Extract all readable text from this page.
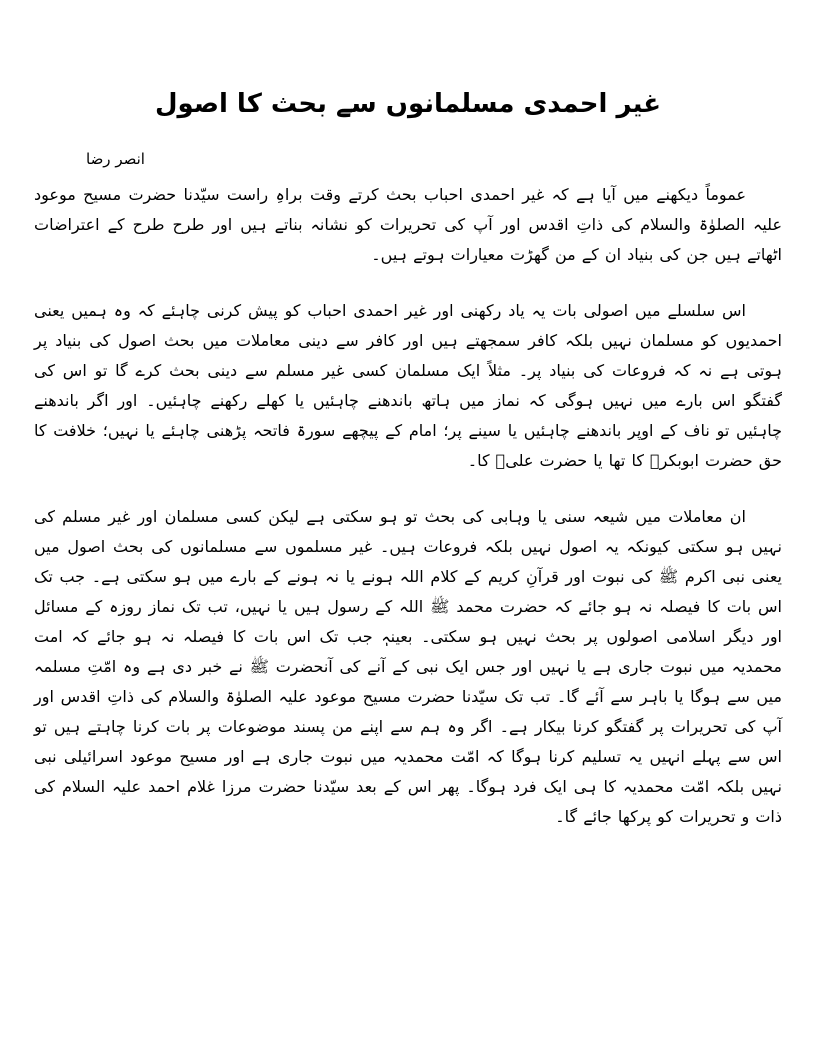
غیر احمدی مسلمانوں سے بحث کا اصول
انصر رضا

عموماً دیکھنے میں آیا ہے کہ غیر احمدی احباب بحث کرتے وقت براہِ راست سیّدنا حضرت مسیح موعود علیہ الصلوٰۃ والسلام کی ذاتِ اقدس اور آپ کی تحریرات کو نشانہ بناتے ہیں اور طرح طرح کے اعتراضات اٹھاتے ہیں جن کی بنیاد ان کے من گھڑت معیارات ہوتے ہیں۔

اس سلسلے میں اصولی بات یہ یاد رکھنی اور غیر احمدی احباب کو پیش کرنی چاہئے کہ وہ ہمیں یعنی احمدیوں کو مسلمان نہیں بلکہ کافر سمجھتے ہیں اور کافر سے دینی معاملات میں بحث اصول کی بنیاد پر ہوتی ہے نہ کہ فروعات کی بنیاد پر۔ مثلاً ایک مسلمان کسی غیر مسلم سے دینی بحث کرے گا تو اس کی گفتگو اس بارے میں نہیں ہوگی کہ نماز میں ہاتھ باندھنے چاہئیں یا کھلے رکھنے چاہئیں۔ اور اگر باندھنے چاہئیں تو ناف کے اوپر باندھنے چاہئیں یا سینے پر؛ امام کے پیچھے سورۃ فاتحہ پڑھنی چاہئے یا نہیں؛ خلافت کا حق حضرت ابوبکرؓ کا تھا یا حضرت علیؓ کا۔

ان معاملات میں شیعہ سنی یا وہابی کی بحث تو ہو سکتی ہے لیکن کسی مسلمان اور غیر مسلم کی نہیں ہو سکتی کیونکہ یہ اصول نہیں بلکہ فروعات ہیں۔ غیر مسلموں سے مسلمانوں کی بحث اصول میں یعنی نبی اکرم ﷺ کی نبوت اور قرآنِ کریم کے کلام اللہ ہونے یا نہ ہونے کے بارے میں ہو سکتی ہے۔ جب تک اس بات کا فیصلہ نہ ہو جائے کہ حضرت محمد ﷺ اللہ کے رسول ہیں یا نہیں، تب تک نماز روزہ کے مسائل اور دیگر اسلامی اصولوں پر بحث نہیں ہو سکتی۔ بعینہٖ جب تک اس بات کا فیصلہ نہ ہو جائے کہ امت محمدیہ میں نبوت جاری ہے یا نہیں اور جس ایک نبی کے آنے کی آنحضرت ﷺ نے خبر دی ہے وہ امّتِ مسلمہ میں سے ہوگا یا باہر سے آئے گا۔ تب تک سیّدنا حضرت مسیح موعود علیہ الصلوٰۃ والسلام کی ذاتِ اقدس اور آپ کی تحریرات پر گفتگو کرنا بیکار ہے۔ اگر وہ ہم سے اپنے من پسند موضوعات پر بات کرنا چاہتے ہیں تو اس سے پہلے انہیں یہ تسلیم کرنا ہوگا کہ امّت محمدیہ میں نبوت جاری ہے اور مسیح موعود اسرائیلی نبی نہیں بلکہ امّت محمدیہ کا ہی ایک فرد ہوگا۔ پھر اس کے بعد سیّدنا حضرت مرزا غلام احمد علیہ السلام کی ذات و تحریرات کو پرکھا جائے گا۔
